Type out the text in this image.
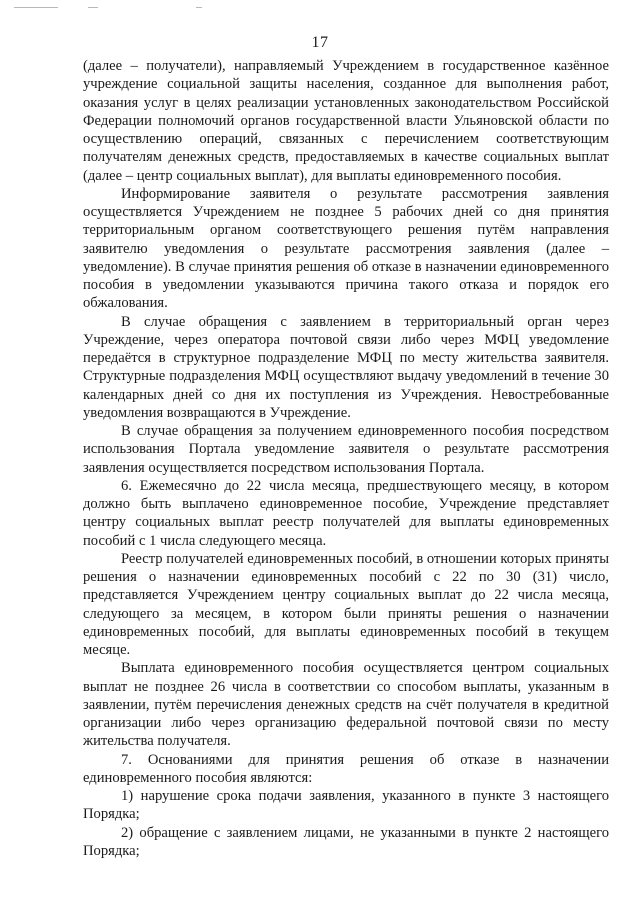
17

(далее – получатели), направляемый Учреждением в государственное казённое учреждение социальной защиты населения, созданное для выполнения работ, оказания услуг в целях реализации установленных законодательством Российской Федерации полномочий органов государственной власти Ульяновской области по осуществлению операций, связанных с перечислением соответствующим получателям денежных средств, предоставляемых в качестве социальных выплат (далее – центр социальных выплат), для выплаты единовременного пособия.

Информирование заявителя о результате рассмотрения заявления осуществляется Учреждением не позднее 5 рабочих дней со дня принятия территориальным органом соответствующего решения путём направления заявителю уведомления о результате рассмотрения заявления (далее – уведомление). В случае принятия решения об отказе в назначении единовременного пособия в уведомлении указываются причина такого отказа и порядок его обжалования.

В случае обращения с заявлением в территориальный орган через Учреждение, через оператора почтовой связи либо через МФЦ уведомление передаётся в структурное подразделение МФЦ по месту жительства заявителя. Структурные подразделения МФЦ осуществляют выдачу уведомлений в течение 30 календарных дней со дня их поступления из Учреждения. Невостребованные уведомления возвращаются в Учреждение.

В случае обращения за получением единовременного пособия посредством использования Портала уведомление заявителя о результате рассмотрения заявления осуществляется посредством использования Портала.

6. Ежемесячно до 22 числа месяца, предшествующего месяцу, в котором должно быть выплачено единовременное пособие, Учреждение представляет центру социальных выплат реестр получателей для выплаты единовременных пособий с 1 числа следующего месяца.

Реестр получателей единовременных пособий, в отношении которых приняты решения о назначении единовременных пособий с 22 по 30 (31) число, представляется Учреждением центру социальных выплат до 22 числа месяца, следующего за месяцем, в котором были приняты решения о назначении единовременных пособий, для выплаты единовременных пособий в текущем месяце.

Выплата единовременного пособия осуществляется центром социальных выплат не позднее 26 числа в соответствии со способом выплаты, указанным в заявлении, путём перечисления денежных средств на счёт получателя в кредитной организации либо через организацию федеральной почтовой связи по месту жительства получателя.

7. Основаниями для принятия решения об отказе в назначении единовременного пособия являются:

1) нарушение срока подачи заявления, указанного в пункте 3 настоящего Порядка;

2) обращение с заявлением лицами, не указанными в пункте 2 настоящего Порядка;
